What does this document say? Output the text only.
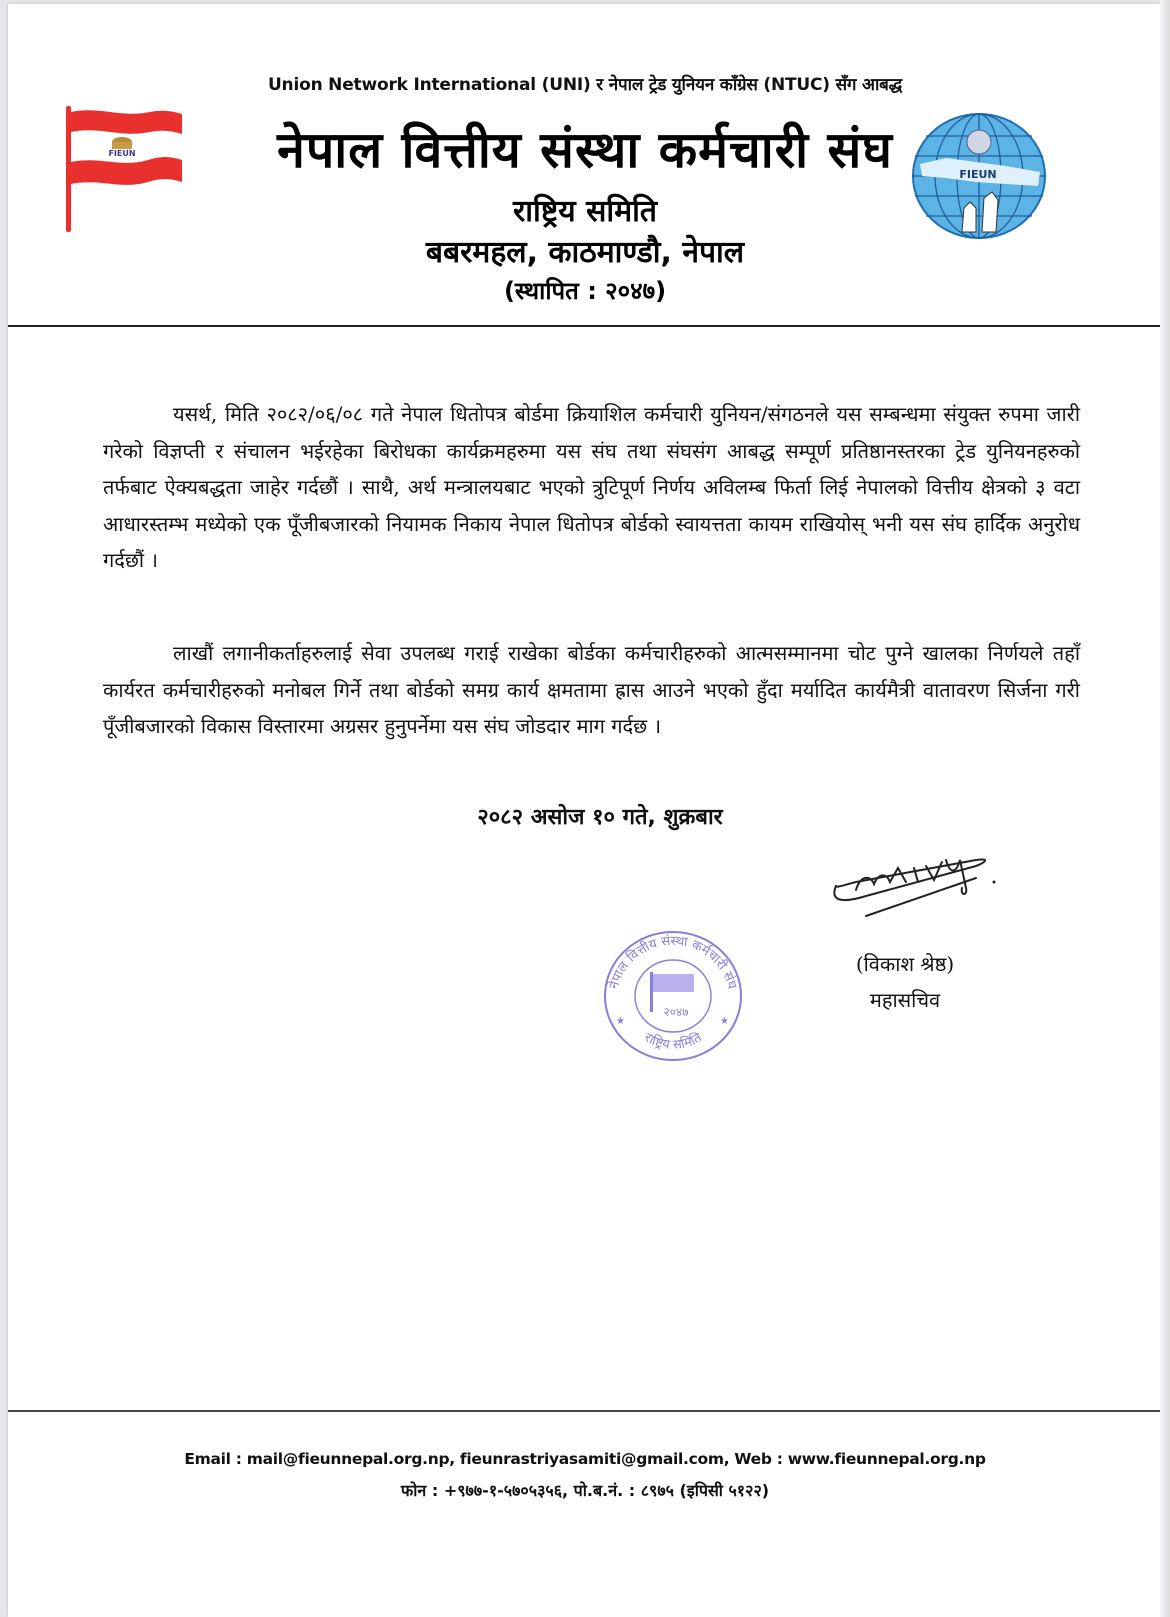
Union Network International (UNI) र नेपाल ट्रेड युनियन काँग्रेस (NTUC) सँग आबद्ध
FIEUN	नेपाल वित्तीय संस्था कर्मचारी संघ	FIEUN
राष्ट्रिय समिति
बबरमहल, काठमाण्डौ, नेपाल
(स्थापित : २०४७)

यसर्थ, मिति २०८२/०६/०८ गते नेपाल धितोपत्र बोर्डमा क्रियाशिल कर्मचारी युनियन/संगठनले यस सम्बन्धमा संयुक्त रुपमा जारी गरेको विज्ञप्ती र संचालन भईरहेका बिरोधका कार्यक्रमहरुमा यस संघ तथा संघसंग आबद्ध सम्पूर्ण प्रतिष्ठानस्तरका ट्रेड युनियनहरुको तर्फबाट ऐक्यबद्धता जाहेर गर्दछौं । साथै, अर्थ मन्त्रालयबाट भएको त्रुटिपूर्ण निर्णय अविलम्ब फिर्ता लिई नेपालको वित्तीय क्षेत्रको ३ वटा आधारस्तम्भ मध्येको एक पूँजीबजारको नियामक निकाय नेपाल धितोपत्र बोर्डको स्वायत्तता कायम राखियोस् भनी यस संघ हार्दिक अनुरोध गर्दछौं ।

लाखौं लगानीकर्ताहरुलाई सेवा उपलब्ध गराई राखेका बोर्डका कर्मचारीहरुको आत्मसम्मानमा चोट पुग्ने खालका निर्णयले तहाँ कार्यरत कर्मचारीहरुको मनोबल गिर्ने तथा बोर्डको समग्र कार्य क्षमतामा ह्रास आउने भएको हुँदा मर्यादित कार्यमैत्री वातावरण सिर्जना गरी पूँजीबजारको विकास विस्तारमा अग्रसर हुनुपर्नेमा यस संघ जोडदार माग गर्दछ ।

२०८२ असोज १० गते, शुक्रबार
(विकाश श्रेष्ठ)
महासचिव
नेपाल वित्तीय संस्था कर्मचारी संघ
राष्ट्रिय समिति
२०४७
★	★
Email : mail@fieunnepal.org.np, fieunrastriyasamiti@gmail.com, Web : www.fieunnepal.org.np
फोन : +९७७-१-५७०५३५६, पो.ब.नं. : ८९७५ (इपिसी ५१२२)
